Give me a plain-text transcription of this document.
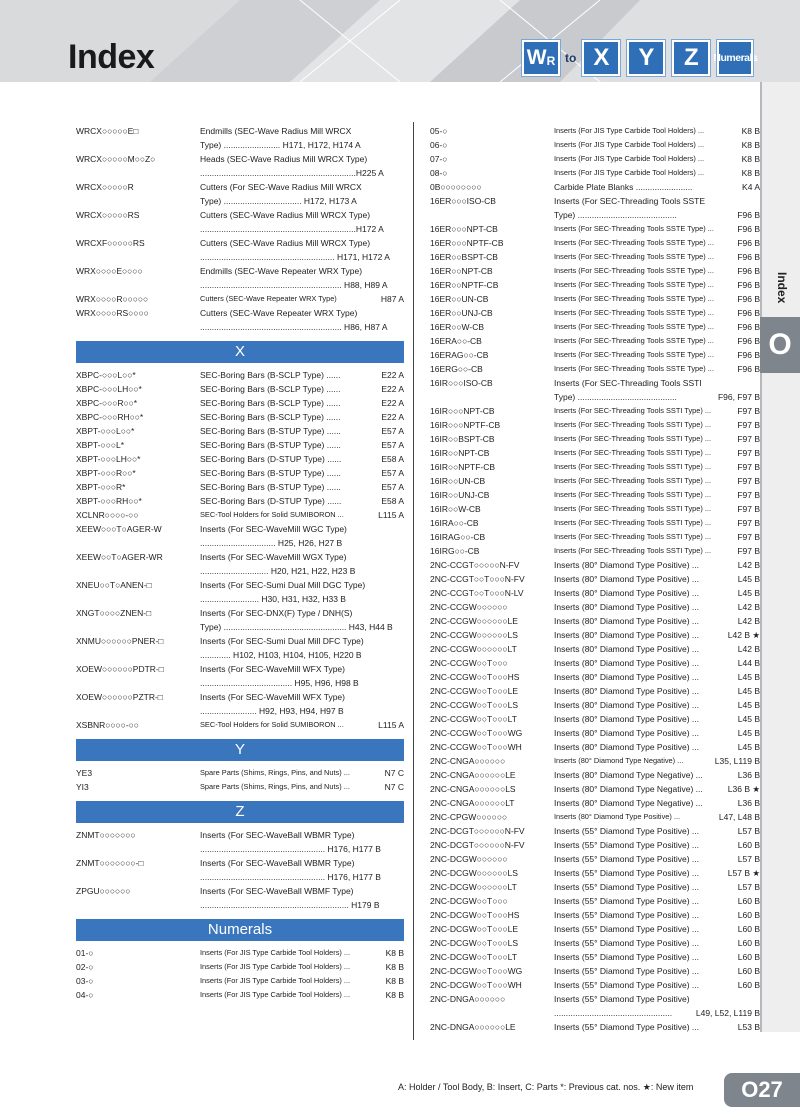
Index	$W_R$ to X	Y	Z	Numerals
Index
O
WRCX○○○○○E□	Endmills (SEC-Wave Radius Mill WRCX
Type) ........................ H171, H172, H174 A
WRCX○○○○○M○○Z○	Heads (SEC-Wave Radius Mill WRCX Type)
..................................................................H225 A
WRCX○○○○○R	Cutters (For SEC-Wave Radius Mill WRCX
Type) ................................. H172, H173 A
WRCX○○○○○RS	Cutters (SEC-Wave Radius Mill WRCX Type)
..................................................................H172 A
WRCXF○○○○○RS	Cutters (SEC-Wave Radius Mill WRCX Type)
......................................................... H171, H172 A
WRX○○○○E○○○○	Endmills (SEC-Wave Repeater WRX Type)
............................................................ H88, H89 A
WRX○○○○R○○○○○	Cutters (SEC-Wave Repeater WRX Type)	H87 A
WRX○○○○RS○○○○	Cutters (SEC-Wave Repeater WRX Type)
............................................................ H86, H87 A
X
XBPC-○○○L○○*	SEC-Boring Bars (B-SCLP Type) ......	E22 A
XBPC-○○○LH○○*	SEC-Boring Bars (B-SCLP Type) ......	E22 A
XBPC-○○○R○○*	SEC-Boring Bars (B-SCLP Type) ......	E22 A
XBPC-○○○RH○○*	SEC-Boring Bars (B-SCLP Type) ......	E22 A
XBPT-○○○L○○*	SEC-Boring Bars (B-STUP Type) ......	E57 A
XBPT-○○○L*	SEC-Boring Bars (B-STUP Type) ......	E57 A
XBPT-○○○LH○○*	SEC-Boring Bars (D-STUP Type) ......	E58 A
XBPT-○○○R○○*	SEC-Boring Bars (B-STUP Type) ......	E57 A
XBPT-○○○R*	SEC-Boring Bars (B-STUP Type) ......	E57 A
XBPT-○○○RH○○*	SEC-Boring Bars (D-STUP Type) ......	E58 A
XCLNR○○○○-○○	SEC-Tool Holders for Solid SUMIBORON ...	L115 A
XEEW○○○T○AGER-W	Inserts (For SEC-WaveMill WGC Type)
................................ H25, H26, H27 B
XEEW○○T○AGER-WR	Inserts (For SEC-WaveMill WGX Type)
............................. H20, H21, H22, H23 B
XNEU○○T○ANEN-□	Inserts (For SEC-Sumi Dual Mill DGC Type)
......................... H30, H31, H32, H33 B
XNGT○○○○ZNEN-□	Inserts (For SEC-DNX(F) Type / DNH(S)
Type) .................................................... H43, H44 B
XNMU○○○○○○PNER-□	Inserts (For SEC-Sumi Dual Mill DFC Type)
............. H102, H103, H104, H105, H220 B
XOEW○○○○○○PDTR-□	Inserts (For SEC-WaveMill WFX Type)
....................................... H95, H96, H98 B
XOEW○○○○○○PZTR-□	Inserts (For SEC-WaveMill WFX Type)
........................ H92, H93, H94, H97 B
XSBNR○○○○-○○	SEC-Tool Holders for Solid SUMIBORON ...	L115 A
Y
YE3	Spare Parts (Shims, Rings, Pins, and Nuts) ...	N7 C
YI3	Spare Parts (Shims, Rings, Pins, and Nuts) ...	N7 C
Z
ZNMT○○○○○○○	Inserts (For SEC-WaveBall WBMR Type)
..................................................... H176, H177 B
ZNMT○○○○○○○-□	Inserts (For SEC-WaveBall WBMR Type)
..................................................... H176, H177 B
ZPGU○○○○○○	Inserts (For SEC-WaveBall WBMF Type)
............................................................... H179 B
Numerals
01-○	Inserts (For JIS Type Carbide Tool Holders) ...	K8 B
02-○	Inserts (For JIS Type Carbide Tool Holders) ...	K8 B
03-○	Inserts (For JIS Type Carbide Tool Holders) ...	K8 B
04-○	Inserts (For JIS Type Carbide Tool Holders) ...	K8 B
05-○	Inserts (For JIS Type Carbide Tool Holders) ...	K8 B
06-○	Inserts (For JIS Type Carbide Tool Holders) ...	K8 B
07-○	Inserts (For JIS Type Carbide Tool Holders) ...	K8 B
08-○	Inserts (For JIS Type Carbide Tool Holders) ...	K8 B
0B○○○○○○○○	Carbide Plate Blanks ........................	K4 A
16ER○○○ISO-CB	Inserts (For SEC-Threading Tools SSTE
Type) ..........................................	F96 B
16ER○○○NPT-CB	Inserts (For SEC-Threading Tools SSTE Type) ...	F96 B
16ER○○○NPTF-CB	Inserts (For SEC-Threading Tools SSTE Type) ...	F96 B
16ER○○BSPT-CB	Inserts (For SEC-Threading Tools SSTE Type) ...	F96 B
16ER○○NPT-CB	Inserts (For SEC-Threading Tools SSTE Type) ...	F96 B
16ER○○NPTF-CB	Inserts (For SEC-Threading Tools SSTE Type) ...	F96 B
16ER○○UN-CB	Inserts (For SEC-Threading Tools SSTE Type) ...	F96 B
16ER○○UNJ-CB	Inserts (For SEC-Threading Tools SSTE Type) ...	F96 B
16ER○○W-CB	Inserts (For SEC-Threading Tools SSTE Type) ...	F96 B
16ERA○○-CB	Inserts (For SEC-Threading Tools SSTE Type) ...	F96 B
16ERAG○○-CB	Inserts (For SEC-Threading Tools SSTE Type) ...	F96 B
16ERG○○-CB	Inserts (For SEC-Threading Tools SSTE Type) ...	F96 B
16IR○○○ISO-CB	Inserts (For SEC-Threading Tools SSTI
Type) ..........................................	F96, F97 B
16IR○○○NPT-CB	Inserts (For SEC-Threading Tools SSTI Type) ...	F97 B
16IR○○○NPTF-CB	Inserts (For SEC-Threading Tools SSTI Type) ...	F97 B
16IR○○BSPT-CB	Inserts (For SEC-Threading Tools SSTI Type) ...	F97 B
16IR○○NPT-CB	Inserts (For SEC-Threading Tools SSTI Type) ...	F97 B
16IR○○NPTF-CB	Inserts (For SEC-Threading Tools SSTI Type) ...	F97 B
16IR○○UN-CB	Inserts (For SEC-Threading Tools SSTI Type) ...	F97 B
16IR○○UNJ-CB	Inserts (For SEC-Threading Tools SSTI Type) ...	F97 B
16IR○○W-CB	Inserts (For SEC-Threading Tools SSTI Type) ...	F97 B
16IRA○○-CB	Inserts (For SEC-Threading Tools SSTI Type) ...	F97 B
16IRAG○○-CB	Inserts (For SEC-Threading Tools SSTI Type) ...	F97 B
16IRG○○-CB	Inserts (For SEC-Threading Tools SSTI Type) ...	F97 B
2NC-CCGT○○○○○N-FV	Inserts (80° Diamond Type Positive) ...	L42 B
2NC-CCGT○○T○○○N-FV	Inserts (80° Diamond Type Positive) ...	L45 B
2NC-CCGT○○T○○○N-LV	Inserts (80° Diamond Type Positive) ...	L45 B
2NC-CCGW○○○○○○	Inserts (80° Diamond Type Positive) ...	L42 B
2NC-CCGW○○○○○○LE	Inserts (80° Diamond Type Positive) ...	L42 B
2NC-CCGW○○○○○○LS	Inserts (80° Diamond Type Positive) ...	L42 B ★
2NC-CCGW○○○○○○LT	Inserts (80° Diamond Type Positive) ...	L42 B
2NC-CCGW○○T○○○	Inserts (80° Diamond Type Positive) ...	L44 B
2NC-CCGW○○T○○○HS	Inserts (80° Diamond Type Positive) ...	L45 B
2NC-CCGW○○T○○○LE	Inserts (80° Diamond Type Positive) ...	L45 B
2NC-CCGW○○T○○○LS	Inserts (80° Diamond Type Positive) ...	L45 B
2NC-CCGW○○T○○○LT	Inserts (80° Diamond Type Positive) ...	L45 B
2NC-CCGW○○T○○○WG	Inserts (80° Diamond Type Positive) ...	L45 B
2NC-CCGW○○T○○○WH	Inserts (80° Diamond Type Positive) ...	L45 B
2NC-CNGA○○○○○○	Inserts (80° Diamond Type Negative) ...	L35, L119 B
2NC-CNGA○○○○○○LE	Inserts (80° Diamond Type Negative) ...	L36 B
2NC-CNGA○○○○○○LS	Inserts (80° Diamond Type Negative) ...	L36 B ★
2NC-CNGA○○○○○○LT	Inserts (80° Diamond Type Negative) ...	L36 B
2NC-CPGW○○○○○○	Inserts (80° Diamond Type Positive) ...	L47, L48 B
2NC-DCGT○○○○○○N-FV	Inserts (55° Diamond Type Positive) ...	L57 B
2NC-DCGT○○○○○○N-FV	Inserts (55° Diamond Type Positive) ...	L60 B
2NC-DCGW○○○○○○	Inserts (55° Diamond Type Positive) ...	L57 B
2NC-DCGW○○○○○○LS	Inserts (55° Diamond Type Positive) ...	L57 B ★
2NC-DCGW○○○○○○LT	Inserts (55° Diamond Type Positive) ...	L57 B
2NC-DCGW○○T○○○	Inserts (55° Diamond Type Positive) ...	L60 B
2NC-DCGW○○T○○○HS	Inserts (55° Diamond Type Positive) ...	L60 B
2NC-DCGW○○T○○○LE	Inserts (55° Diamond Type Positive) ...	L60 B
2NC-DCGW○○T○○○LS	Inserts (55° Diamond Type Positive) ...	L60 B
2NC-DCGW○○T○○○LT	Inserts (55° Diamond Type Positive) ...	L60 B
2NC-DCGW○○T○○○WG	Inserts (55° Diamond Type Positive) ...	L60 B
2NC-DCGW○○T○○○WH	Inserts (55° Diamond Type Positive) ...	L60 B
2NC-DNGA○○○○○○	Inserts (55° Diamond Type Positive)
..................................................	L49, L52, L119 B
2NC-DNGA○○○○○○LE	Inserts (55° Diamond Type Positive) ...	L53 B
A: Holder / Tool Body, B: Insert, C: Parts *: Previous cat. nos. ★: New item	O27
